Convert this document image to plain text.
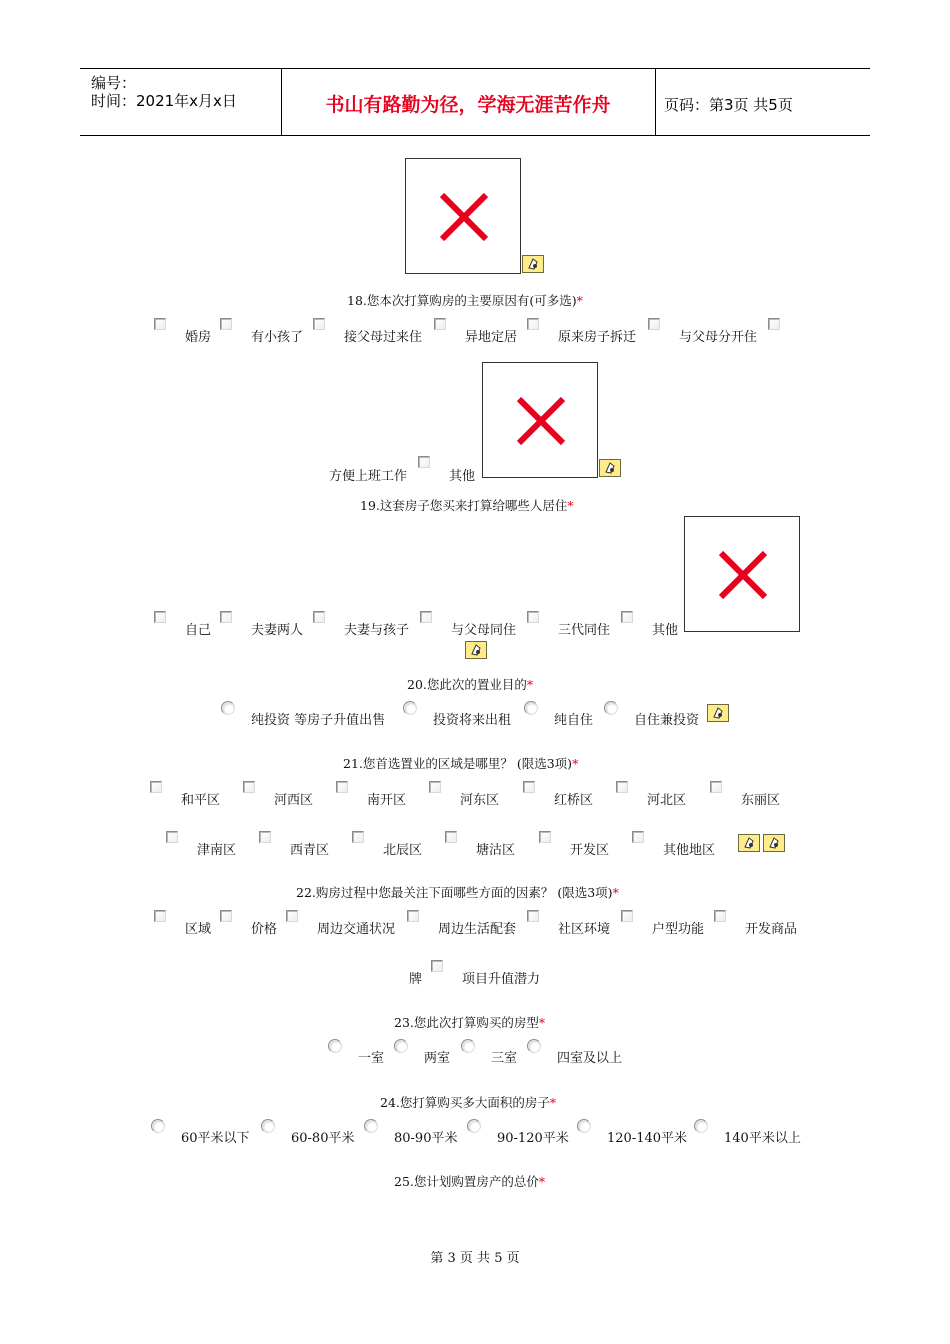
编号：
时间：2021年x月x日	书山有路勤为径，学海无涯苦作舟	页码：第3页 共5页
18.您本次打算购房的主要原因有(可多选)*
婚房	有小孩了	接父母过来住	异地定居	原来房子拆迁	与父母分开住
方便上班工作	其他
19.这套房子您买来打算给哪些人居住*
自己	夫妻两人	夫妻与孩子	与父母同住	三代同住	其他
20.您此次的置业目的*
纯投资 等房子升值出售	投资将来出租	纯自住	自住兼投资
21.您首选置业的区域是哪里？ (限选3项)*
和平区	河西区	南开区	河东区	红桥区	河北区	东丽区
津南区	西青区	北辰区	塘沽区	开发区	其他地区
22.购房过程中您最关注下面哪些方面的因素？ (限选3项)*
区域	价格	周边交通状况	周边生活配套	社区环境	户型功能	开发商品
牌	项目升值潜力
23.您此次打算购买的房型*
一室	两室	三室	四室及以上
24.您打算购买多大面积的房子*
60平米以下	60-80平米	80-90平米	90-120平米	120-140平米	140平米以上
25.您计划购置房产的总价*
第 3 页 共 5 页
